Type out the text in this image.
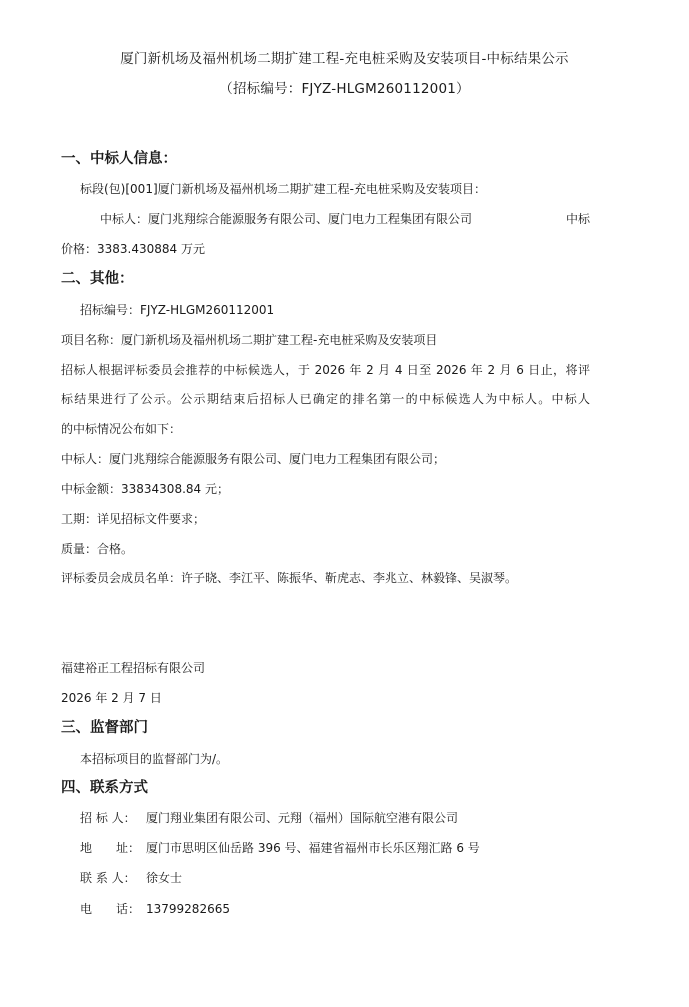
厦门新机场及福州机场二期扩建工程-充电桩采购及安装项目-中标结果公示
（招标编号：FJYZ-HLGM260112001）
一、中标人信息：
标段(包)[001]厦门新机场及福州机场二期扩建工程-充电桩采购及安装项目：
中标人：厦门兆翔综合能源服务有限公司、厦门电力工程集团有限公司	中标
价格：3383.430884 万元
二、其他：
招标编号：FJYZ-HLGM260112001
项目名称：厦门新机场及福州机场二期扩建工程-充电桩采购及安装项目
招标人根据评标委员会推荐的中标候选人，于 2026 年 2 月 4 日至 2026 年 2 月 6 日止，将评
标结果进行了公示。公示期结束后招标人已确定的排名第一的中标候选人为中标人。中标人
的中标情况公布如下：
中标人：厦门兆翔综合能源服务有限公司、厦门电力工程集团有限公司；
中标金额：33834308.84 元；
工期：详见招标文件要求；
质量：合格。
评标委员会成员名单：许子晓、李江平、陈振华、靳虎志、李兆立、林毅锋、吴淑琴。
福建裕正工程招标有限公司
2026 年 2 月 7 日
三、监督部门
本招标项目的监督部门为/。
四、联系方式
招 标 人： 厦门翔业集团有限公司、元翔（福州）国际航空港有限公司
地　　址： 厦门市思明区仙岳路 396 号、福建省福州市长乐区翔汇路 6 号
联 系 人： 徐女士
电　　话： 13799282665
